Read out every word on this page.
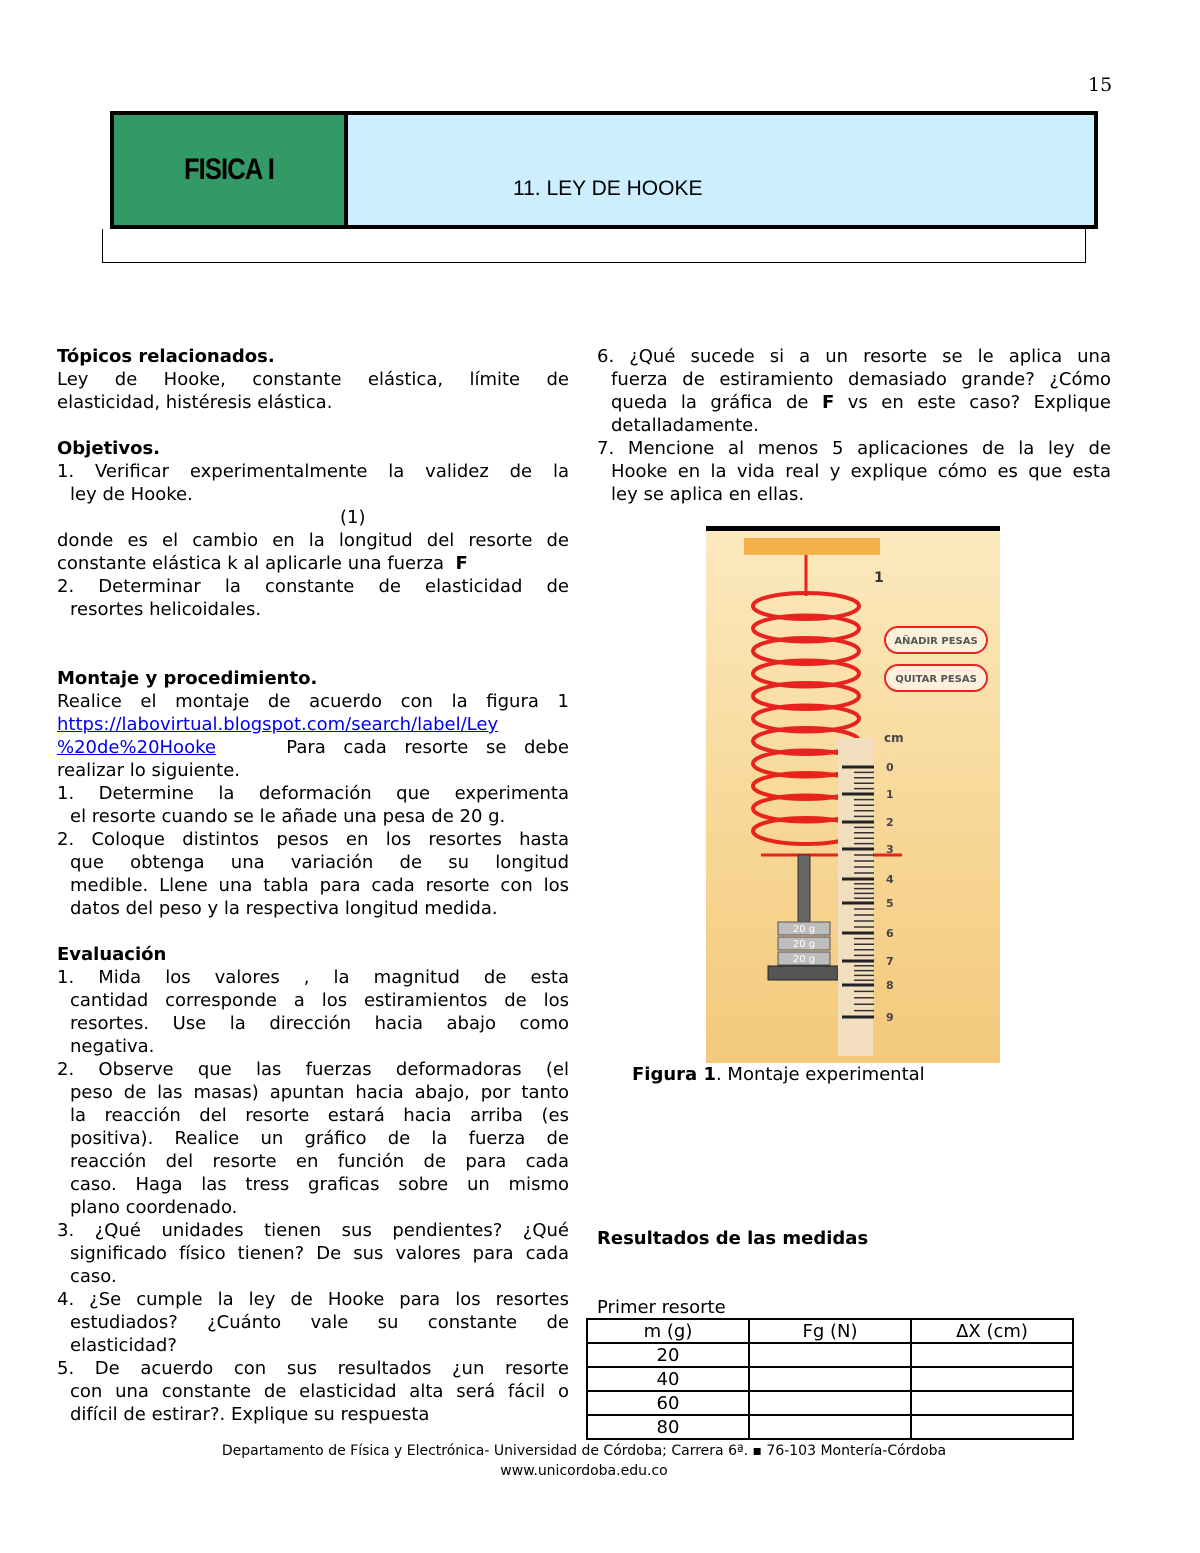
15
FISICA I
11. LEY DE HOOKE

Tópicos relacionados.

Ley de Hooke, constante elástica, límite de

elasticidad, histéresis elástica.

Objetivos.

1. Verificar experimentalmente la validez de la

ley de Hooke.

(1)

donde es el cambio en la longitud del resorte de

constante elástica k al aplicarle una fuerza F

2. Determinar la constante de elasticidad de

resortes helicoidales.

Montaje y procedimiento.

Realice el montaje de acuerdo con la figura 1

https://labovirtual.blogspot.com/search/label/Ley

%20de%20Hooke	Para cada resorte se debe

realizar lo siguiente.

1. Determine la deformación que experimenta

el resorte cuando se le añade una pesa de 20 g.

2. Coloque distintos pesos en los resortes hasta

que obtenga una variación de su longitud

medible. Llene una tabla para cada resorte con los

datos del peso y la respectiva longitud medida.

Evaluación

1. Mida los valores , la magnitud de esta

cantidad corresponde a los estiramientos de los

resortes. Use la dirección hacia abajo como

negativa.

2. Observe que las fuerzas deformadoras (el

peso de las masas) apuntan hacia abajo, por tanto

la reacción del resorte estará hacia arriba (es

positiva). Realice un gráfico de la fuerza de

reacción del resorte en función de para cada

caso. Haga las tress graficas sobre un mismo

plano coordenado.

3. ¿Qué unidades tienen sus pendientes? ¿Qué

significado físico tienen? De sus valores para cada

caso.

4. ¿Se cumple la ley de Hooke para los resortes

estudiados? ¿Cuánto vale su constante de

elasticidad?

5. De acuerdo con sus resultados ¿un resorte

con una constante de elasticidad alta será fácil o

difícil de estirar?. Explique su respuesta

6. ¿Qué sucede si a un resorte se le aplica una

fuerza de estiramiento demasiado grande? ¿Cómo

queda la gráfica de F vs en este caso? Explique

detalladamente.

7. Mencione al menos 5 aplicaciones de la ley de

Hooke en la vida real y explique cómo es que esta

ley se aplica en ellas.

1
20 g
20 g
20 g
AÑADIR PESAS
QUITAR PESAS
cm
0
1
2
3
4
5
6
7
8
9
Figura 1. Montaje experimental
Resultados de las medidas
Primer resorte
m (g)	Fg (N)	ΔX (cm)
20		
40		
60		
80		
Departamento de Física y Electrónica- Universidad de Córdoba; Carrera 6ª. ▪ 76-103 Montería-Córdoba
www.unicordoba.edu.co
